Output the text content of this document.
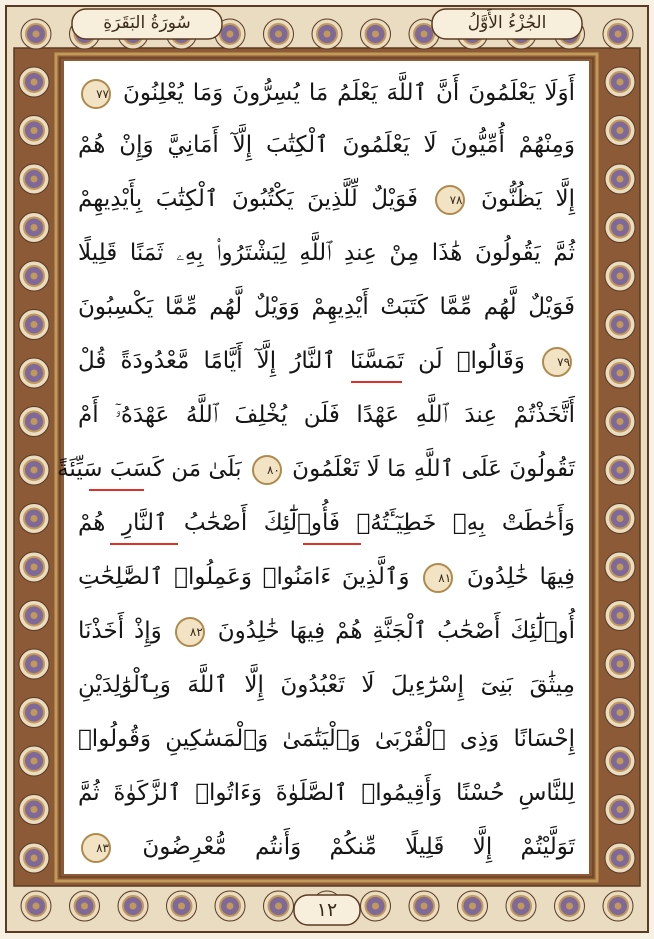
سُورَةُ البَقَرَةِ	الجُزْءُ الأَوَّلُ
أَوَلَا يَعْلَمُونَ أَنَّ ٱللَّهَ يَعْلَمُ مَا يُسِرُّونَ وَمَا يُعْلِنُونَ ٧٧
وَمِنْهُمْ أُمِّيُّونَ لَا يَعْلَمُونَ ٱلْكِتَٰبَ إِلَّآ أَمَانِيَّ وَإِنْ هُمْ
إِلَّا يَظُنُّونَ ٧٨ فَوَيْلٌ لِّلَّذِينَ يَكْتُبُونَ ٱلْكِتَٰبَ بِأَيْدِيهِمْ
ثُمَّ يَقُولُونَ هَٰذَا مِنْ عِندِ ٱللَّهِ لِيَشْتَرُوا۟ بِهِۦ ثَمَنًا قَلِيلًا
فَوَيْلٌ لَّهُم مِّمَّا كَتَبَتْ أَيْدِيهِمْ وَوَيْلٌ لَّهُم مِّمَّا يَكْسِبُونَ
٧٩ وَقَالُوا۟ لَن تَمَسَّنَا ٱلنَّارُ إِلَّآ أَيَّامًا مَّعْدُودَةً قُلْ
أَتَّخَذْتُمْ عِندَ ٱللَّهِ عَهْدًا فَلَن يُخْلِفَ ٱللَّهُ عَهْدَهُۥٓ أَمْ
تَقُولُونَ عَلَى ٱللَّهِ مَا لَا تَعْلَمُونَ ٨٠ بَلَىٰ مَن كَسَبَ سَيِّئَةً
وَأَحَٰطَتْ بِهِۦ خَطِيٓـَٔتُهُۥ فَأُو۟لَٰٓئِكَ أَصْحَٰبُ ٱلنَّارِ هُمْ
فِيهَا خَٰلِدُونَ ٨١ وَٱلَّذِينَ ءَامَنُوا۟ وَعَمِلُوا۟ ٱلصَّٰلِحَٰتِ
أُو۟لَٰٓئِكَ أَصْحَٰبُ ٱلْجَنَّةِ هُمْ فِيهَا خَٰلِدُونَ ٨٢ وَإِذْ أَخَذْنَا
مِيثَٰقَ بَنِىٓ إِسْرَٰٓءِيلَ لَا تَعْبُدُونَ إِلَّا ٱللَّهَ وَبِٱلْوَٰلِدَيْنِ
إِحْسَانًا وَذِى ٱلْقُرْبَىٰ وَٱلْيَتَٰمَىٰ وَٱلْمَسَٰكِينِ وَقُولُوا۟
لِلنَّاسِ حُسْنًا وَأَقِيمُوا۟ ٱلصَّلَوٰةَ وَءَاتُوا۟ ٱلزَّكَوٰةَ ثُمَّ
تَوَلَّيْتُمْ إِلَّا قَلِيلًا مِّنكُمْ وَأَنتُم مُّعْرِضُونَ ٨٣
١٢
